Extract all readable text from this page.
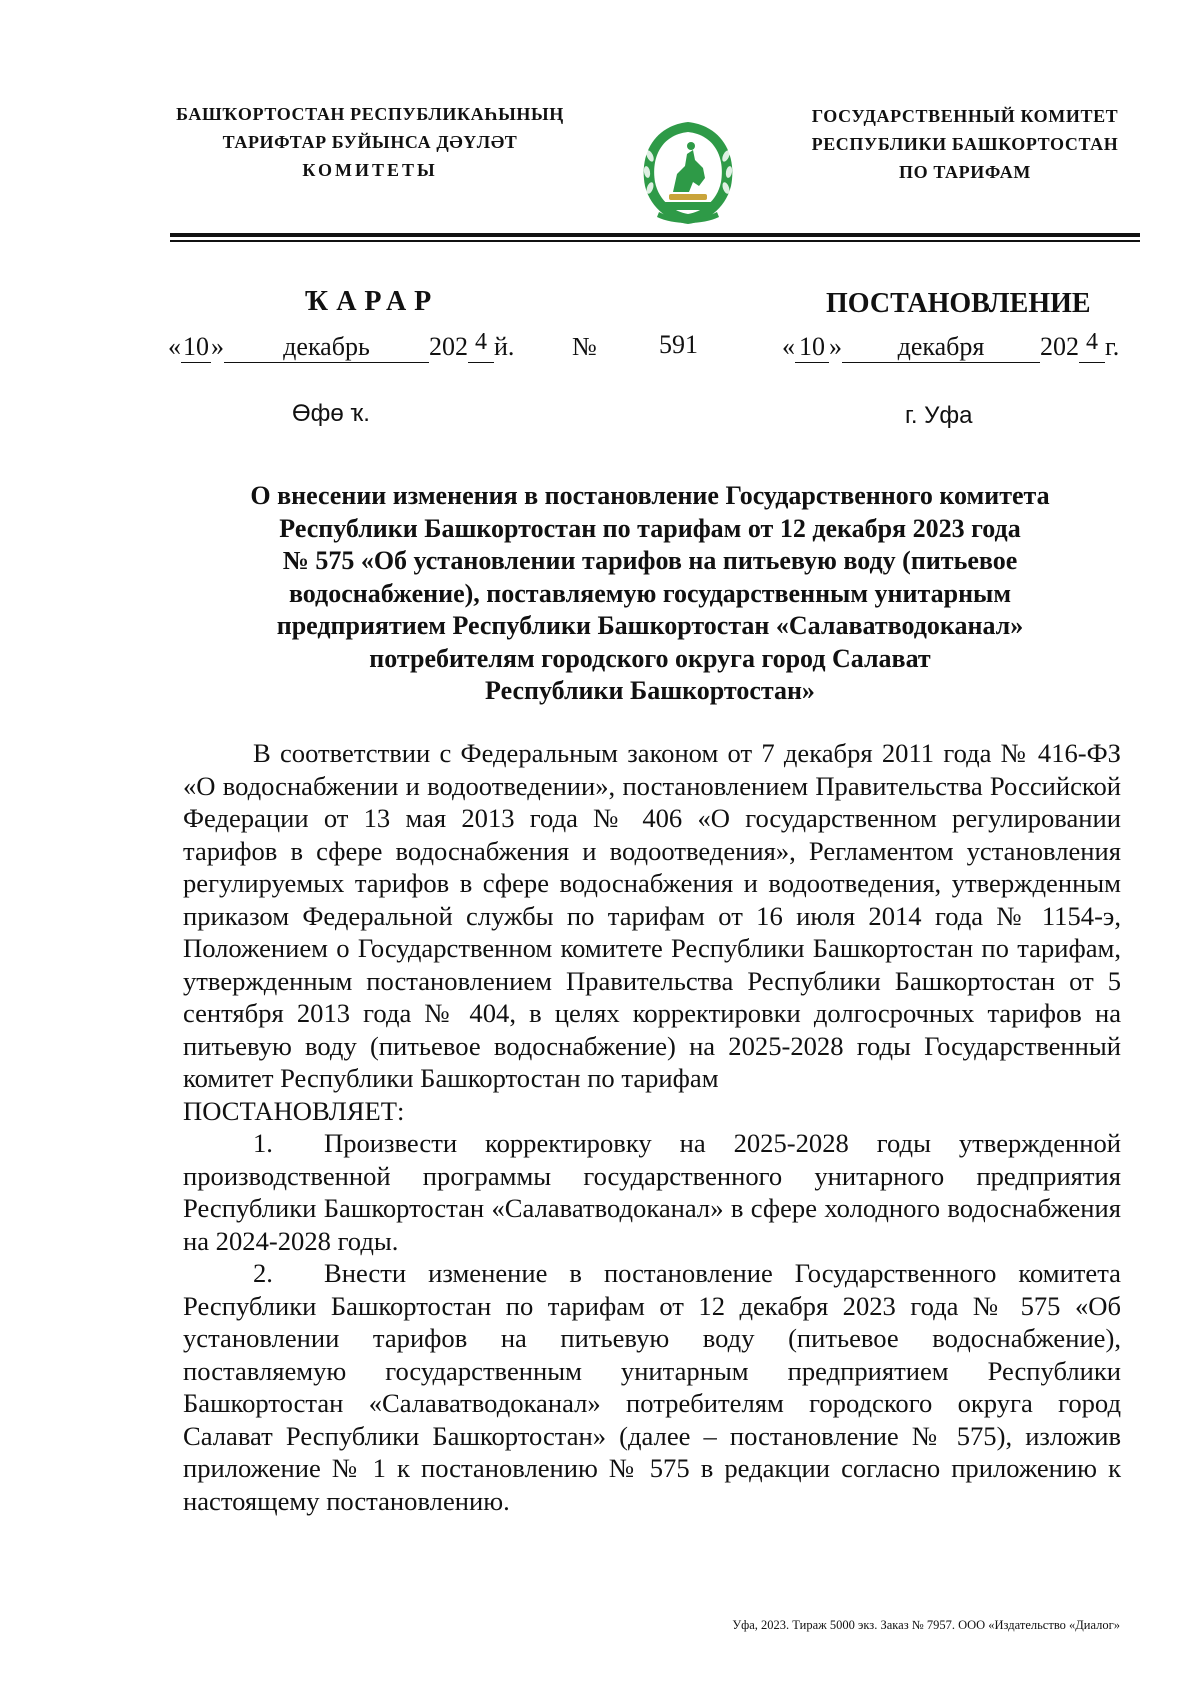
БАШҠОРТОСТАН РЕСПУБЛИКАҺЫНЫҢ
ТАРИФТАР БУЙЫНСА ДӘҮЛӘТ
КОМИТЕТЫ
ГОСУДАРСТВЕННЫЙ КОМИТЕТ
РЕСПУБЛИКИ БАШКОРТОСТАН
ПО ТАРИФАМ
ҠАРАР	ПОСТАНОВЛЕНИЕ
«10» декабрь 202 4 й. № 591	« 10 » декабря 202 4 г.
Өфө ҡ.	г. Уфа
О внесении изменения в постановление Государственного комитета
Республики Башкортостан по тарифам от 12 декабря 2023 года
№ 575 «Об установлении тарифов на питьевую воду (питьевое
водоснабжение), поставляемую государственным унитарным
предприятием Республики Башкортостан «Салаватводоканал»
потребителям городского округа город Салават
Республики Башкортостан»
В соответствии с Федеральным законом от 7 декабря 2011 года № 416-ФЗ «О водоснабжении и водоотведении», постановлением Правительства Российской Федерации от 13 мая 2013 года № 406 «О государственном регулировании тарифов в сфере водоснабжения и водоотведения», Регламентом установления регулируемых тарифов в сфере водоснабжения и водоотведения, утвержденным приказом Федеральной службы по тарифам от 16 июля 2014 года № 1154-э, Положением о Государственном комитете Республики Башкортостан по тарифам, утвержденным постановлением Правительства Республики Башкортостан от 5 сентября 2013 года № 404, в целях корректировки долгосрочных тарифов на питьевую воду (питьевое водоснабжение) на 2025-2028 годы Государственный комитет Республики Башкортостан по тарифам
ПОСТАНОВЛЯЕТ:
1. Произвести корректировку на 2025-2028 годы утвержденной производственной программы государственного унитарного предприятия Республики Башкортостан «Салаватводоканал» в сфере холодного водоснабжения на 2024-2028 годы.
2. Внести изменение в постановление Государственного комитета Республики Башкортостан по тарифам от 12 декабря 2023 года № 575 «Об установлении тарифов на питьевую воду (питьевое водоснабжение), поставляемую государственным унитарным предприятием Республики Башкортостан «Салаватводоканал» потребителям городского округа город Салават Республики Башкортостан» (далее – постановление № 575), изложив приложение № 1 к постановлению № 575 в редакции согласно приложению к настоящему постановлению.
Уфа, 2023. Тираж 5000 экз. Заказ № 7957. ООО «Издательство «Диалог»
